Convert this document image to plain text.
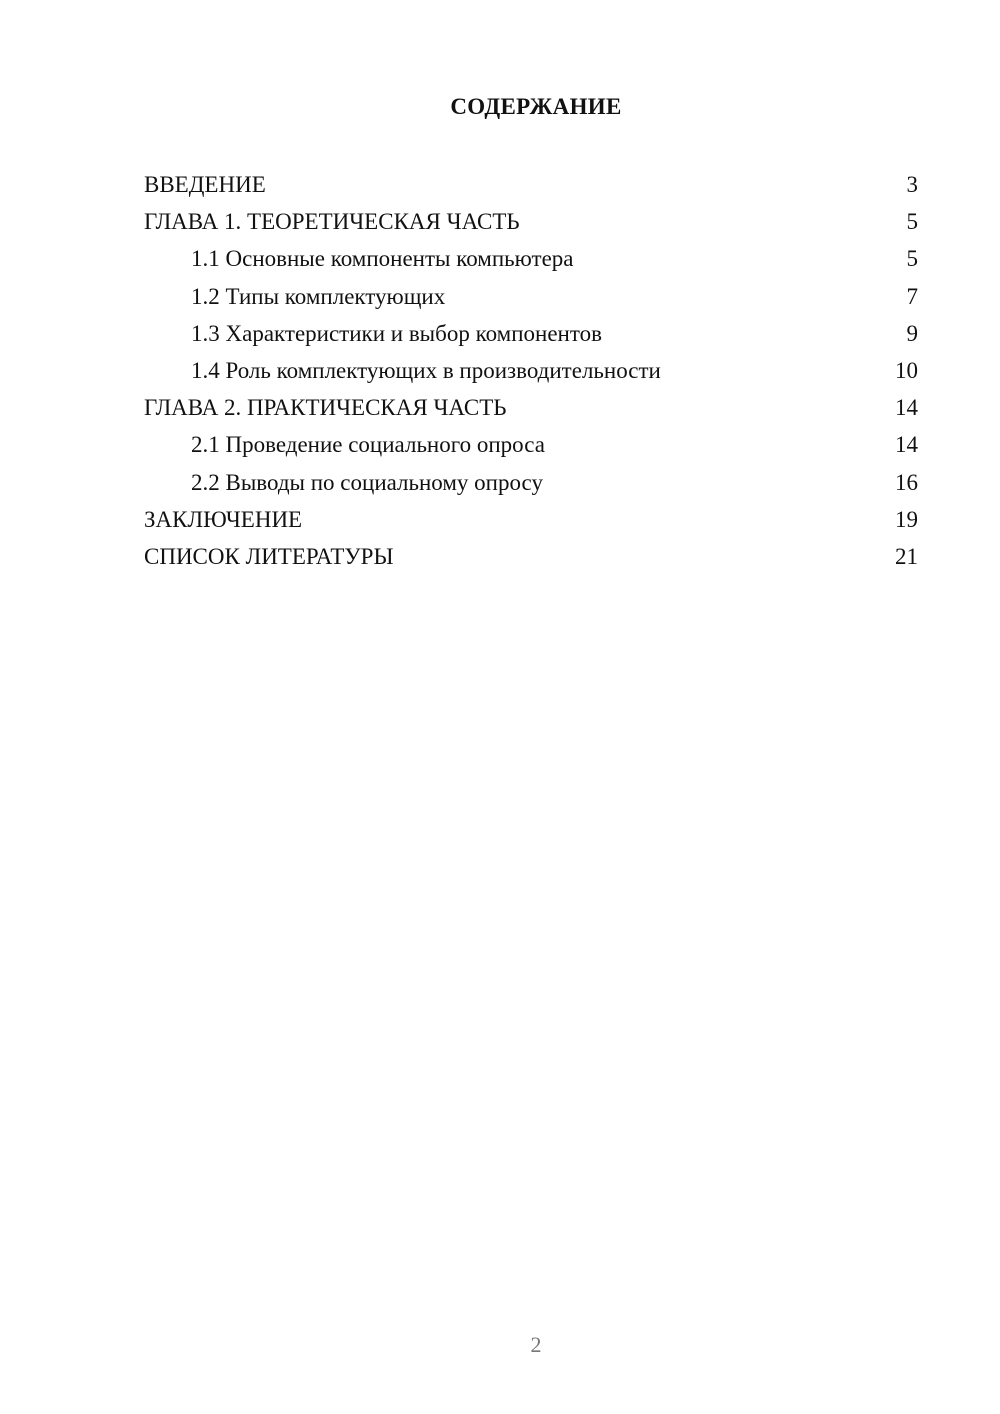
СОДЕРЖАНИЕ
ВВЕДЕНИЕ	3
ГЛАВА 1. ТЕОРЕТИЧЕСКАЯ ЧАСТЬ	5
1.1 Основные компоненты компьютера	5
1.2 Типы комплектующих	7
1.3 Характеристики и выбор компонентов	9
1.4 Роль комплектующих в производительности	10
ГЛАВА 2. ПРАКТИЧЕСКАЯ ЧАСТЬ	14
2.1 Проведение социального опроса	14
2.2 Выводы по социальному опросу	16
ЗАКЛЮЧЕНИЕ	19
СПИСОК ЛИТЕРАТУРЫ	21
2
